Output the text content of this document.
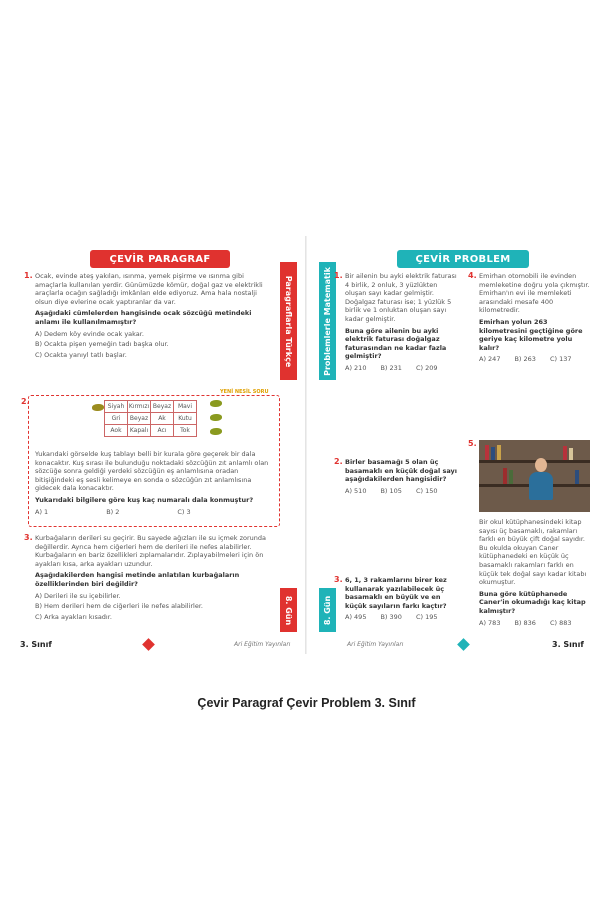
ÇEVİR PARAGRAF
Paragraflarla Türkçe
8. Gün
1. Ocak, evinde ateş yakılan, ısınma, yemek pişirme ve ısınma gibi amaçlarla kullanılan yerdir. Günümüzde kömür, doğal gaz ve elektrikli araçlarla ocağın sağladığı imkânları elde ediyoruz. Ama hala nostalji olsun diye evlerine ocak yaptıranlar da var.

Aşağıdaki cümlelerden hangisinde ocak sözcüğü metindeki anlamı ile kullanılmamıştır?

A) Dedem köy evinde ocak yakar.
B) Ocakta pişen yemeğin tadı başka olur.
C) Ocakta yanıyl tatlı başlar.
YENİ NESİL SORU
2.
Siyah	Kırmızı	Beyaz	Mavi
Gri	Beyaz	Ak	Kutu
Aok	Kapalı	Acı	Tok

Yukarıdaki görselde kuş tablayı belli bir kurala göre geçerek bir dala konacaktır. Kuş sırası ile bulunduğu noktadaki sözcüğün zıt anlamlı olan sözcüğe sonra geldiği yerdeki sözcüğün eş anlamlısına oradan bitişiğindeki eş sesli kelimeye en sonda o sözcüğün zıt anlamlısına gidecek dala konacaktır.

Yukarıdaki bilgilere göre kuş kaç numaralı dala konmuştur?

A) 1	B) 2	C) 3
3. Kurbağaların derileri su geçirir. Bu sayede ağızları ile su içmek zorunda değillerdir. Ayrıca hem ciğerleri hem de derileri ile nefes alabilirler. Kurbağaların en bariz özellikleri zıplamalarıdır. Zıplayabilmeleri için ön ayakları kısa, arka ayakları uzundur.

Aşağıdakilerden hangisi metinde anlatılan kurbağaların özelliklerinden biri değildir?

A) Derileri ile su içebilirler.
B) Hem derileri hem de ciğerleri ile nefes alabilirler.
C) Arka ayakları kısadır.
3. Sınıf	Ari Eğitim Yayınları
ÇEVİR PROBLEM
Problemlerle Matematik
8. Gün
1. Bir ailenin bu ayki elektrik faturası 4 birlik, 2 onluk, 3 yüzlükten oluşan sayı kadar gelmiştir. Doğalgaz faturası ise; 1 yüzlük 5 birlik ve 1 onluktan oluşan sayı kadar gelmiştir.

Buna göre ailenin bu ayki elektrik faturası doğalgaz faturasından ne kadar fazla gelmiştir?

A) 210 B) 231 C) 209
2. Birler basamağı 5 olan üç basamaklı en küçük doğal sayı aşağıdakilerden hangisidir?

A) 510 B) 105 C) 150
3. 6, 1, 3 rakamlarını birer kez kullanarak yazılabilecek üç basamaklı en büyük ve en küçük sayıların farkı kaçtır?

A) 495 B) 390 C) 195
4. Emirhan otomobili ile evinden memleketine doğru yola çıkmıştır. Emirhan'ın evi ile memleketi arasındaki mesafe 400 kilometredir.

Emirhan yolun 263 kilometresini geçtiğine göre geriye kaç kilometre yolu kalır?

A) 247 B) 263 C) 137
5.

Bir okul kütüphanesindeki kitap sayısı üç basamaklı, rakamları farklı en büyük çift doğal sayıdır. Bu okulda okuyan Caner kütüphanedeki en küçük üç basamaklı rakamları farklı en küçük tek doğal sayı kadar kitabı okumuştur.

Buna göre kütüphanede Caner'in okumadığı kaç kitap kalmıştır?

A) 783 B) 836 C) 883
Ari Eğitim Yayınları	3. Sınıf
Çevir Paragraf Çevir Problem 3. Sınıf
